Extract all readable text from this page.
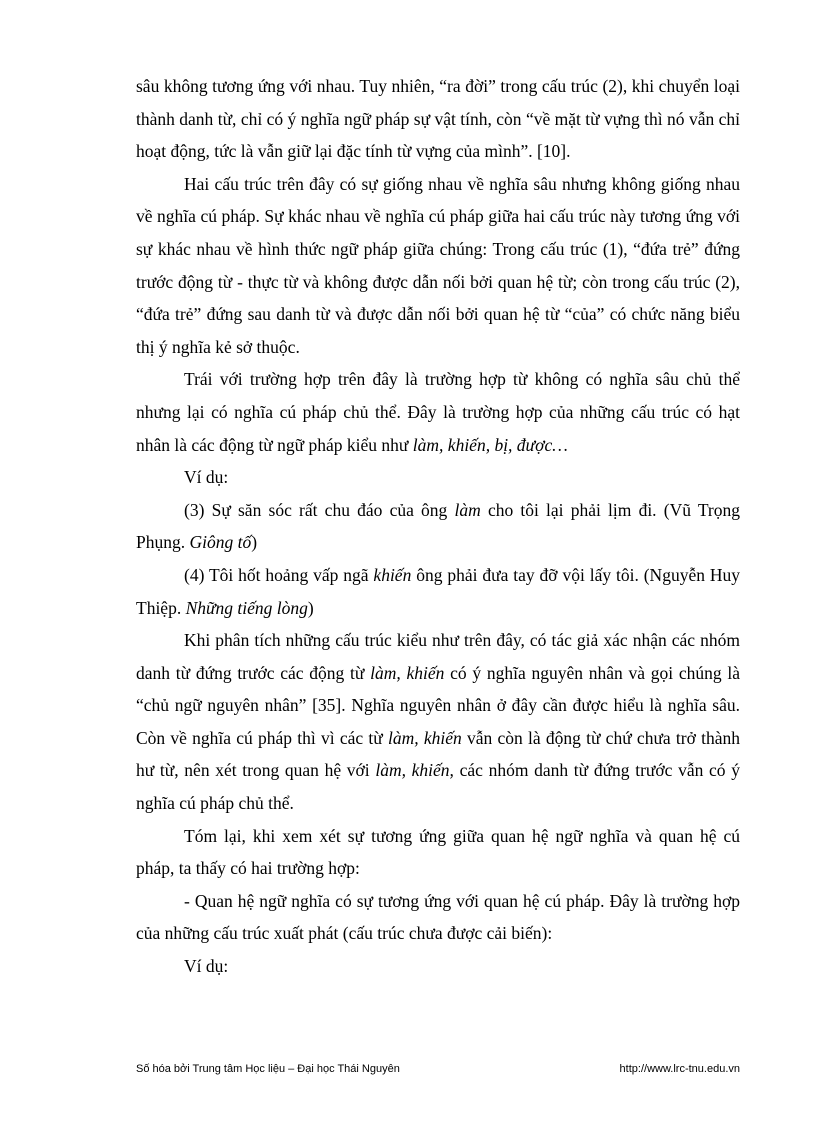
sâu không tương ứng với nhau. Tuy nhiên, “ra đời” trong cấu trúc (2), khi chuyển loại thành danh từ, chỉ có ý nghĩa ngữ pháp sự vật tính, còn “về mặt từ vựng thì nó vẫn chỉ hoạt động, tức là vẫn giữ lại đặc tính từ vựng của mình”. [10].

Hai cấu trúc trên đây có sự giống nhau về nghĩa sâu nhưng không giống nhau về nghĩa cú pháp. Sự khác nhau về nghĩa cú pháp giữa hai cấu trúc này tương ứng với sự khác nhau về hình thức ngữ pháp giữa chúng: Trong cấu trúc (1), “đứa trẻ” đứng trước động từ - thực từ và không được dẫn nối bởi quan hệ từ; còn trong cấu trúc (2), “đứa trẻ” đứng sau danh từ và được dẫn nối bởi quan hệ từ “của” có chức năng biểu thị ý nghĩa kẻ sở thuộc.

Trái với trường hợp trên đây là trường hợp từ không có nghĩa sâu chủ thể nhưng lại có nghĩa cú pháp chủ thể. Đây là trường hợp của những cấu trúc có hạt nhân là các động từ ngữ pháp kiểu như làm, khiến, bị, được…

Ví dụ:

(3) Sự săn sóc rất chu đáo của ông làm cho tôi lại phải lịm đi. (Vũ Trọng Phụng. Giông tố)

(4) Tôi hốt hoảng vấp ngã khiến ông phải đưa tay đỡ vội lấy tôi. (Nguyễn Huy Thiệp. Những tiếng lòng)

Khi phân tích những cấu trúc kiểu như trên đây, có tác giả xác nhận các nhóm danh từ đứng trước các động từ làm, khiến có ý nghĩa nguyên nhân và gọi chúng là “chủ ngữ nguyên nhân” [35]. Nghĩa nguyên nhân ở đây cần được hiểu là nghĩa sâu. Còn về nghĩa cú pháp thì vì các từ làm, khiến vẫn còn là động từ chứ chưa trở thành hư từ, nên xét trong quan hệ với làm, khiến, các nhóm danh từ đứng trước vẫn có ý nghĩa cú pháp chủ thể.

Tóm lại, khi xem xét sự tương ứng giữa quan hệ ngữ nghĩa và quan hệ cú pháp, ta thấy có hai trường hợp:

- Quan hệ ngữ nghĩa có sự tương ứng với quan hệ cú pháp. Đây là trường hợp của những cấu trúc xuất phát (cấu trúc chưa được cải biến):

Ví dụ:

Số hóa bởi Trung tâm Học liệu – Đại học Thái Nguyên	http://www.lrc-tnu.edu.vn
